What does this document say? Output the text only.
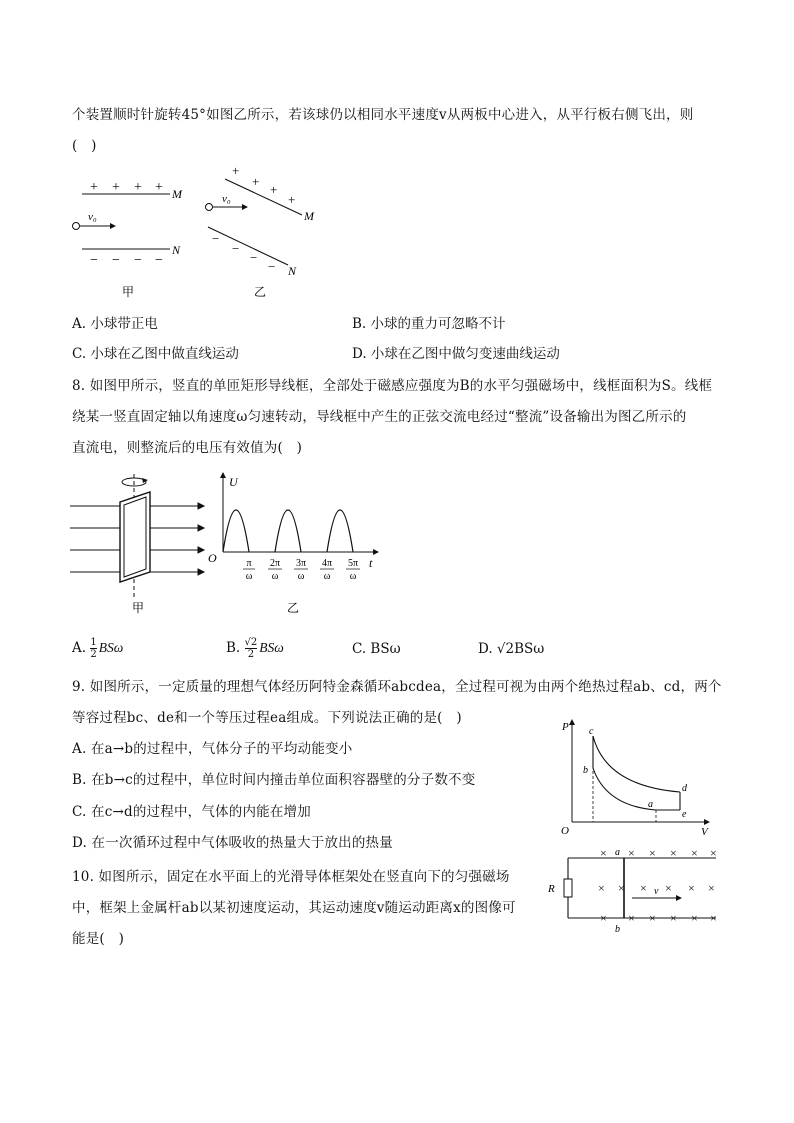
个装置顺时针旋转45°如图乙所示，若该球仍以相同水平速度v从两板中心进入，从平行板右侧飞出，则
(　)
+ + + + M
v₀
− − − −
N
甲
+
+
+
+
M
v₀
−
−
−
− N
乙
A. 小球带正电	B. 小球的重力可忽略不计
C. 小球在乙图中做直线运动	D. 小球在乙图中做匀变速曲线运动
8. 如图甲所示，竖直的单匝矩形导线框，全部处于磁感应强度为B的水平匀强磁场中，线框面积为S。线框
绕某一竖直固定轴以角速度ω匀速转动，导线框中产生的正弦交流电经过“整流”设备输出为图乙所示的
直流电，则整流后的电压有效值为(　)
甲
U
O	t
π
ω
2π
ω
3π
ω
4π
ω
5π
ω
乙
A. $\frac{1}{2}$ BSω	B. $\frac{√2}{2}$ BSω	C. BSω	D. √2BSω
9. 如图所示，一定质量的理想气体经历阿特金森循环abcdea，全过程可视为由两个绝热过程ab、cd，两个
等容过程bc、de和一个等压过程ea组成。下列说法正确的是(　)
A. 在a→b的过程中，气体分子的平均动能变小
B. 在b→c的过程中，单位时间内撞击单位面积容器壁的分子数不变
C. 在c→d的过程中，气体的内能在增加
D. 在一次循环过程中气体吸收的热量大于放出的热量
P
V
O
c
b
d
a
e
10. 如图所示，固定在水平面上的光滑导体框架处在竖直向下的匀强磁场
中，框架上金属杆ab以某初速度运动，其运动速度v随运动距离x的图像可
能是(　)
R
a
b
v
× × × × × ×
× × × × × ×
× × × × × ×
